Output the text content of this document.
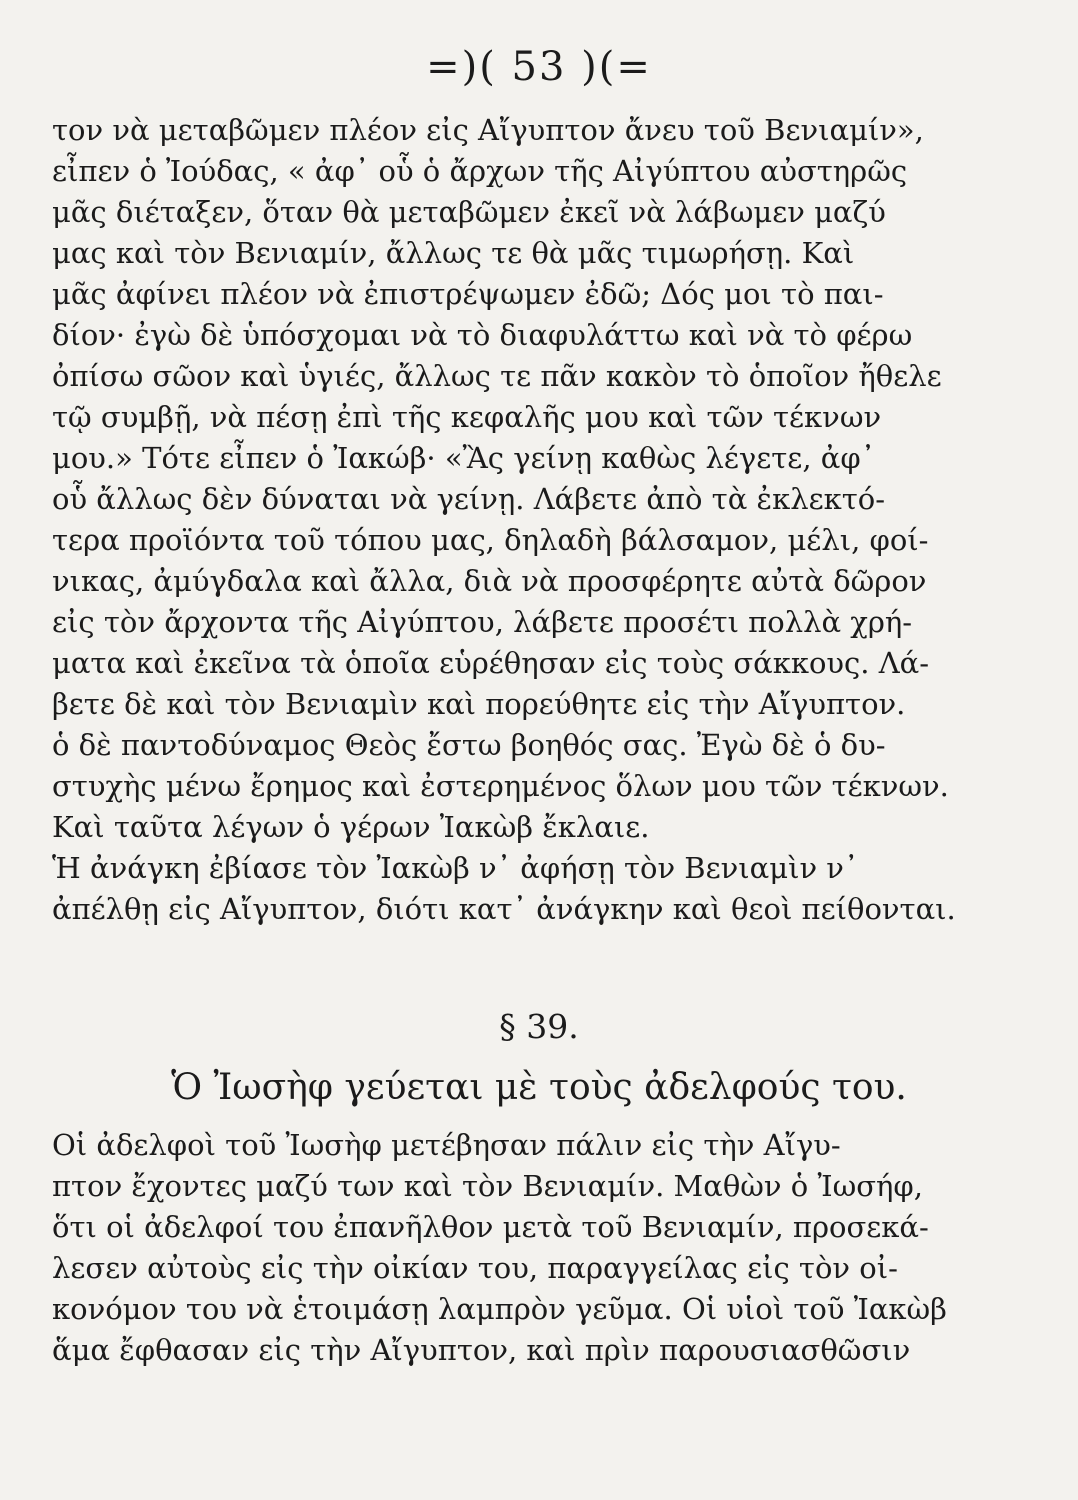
=)( 53 )(=
τον νὰ μεταβῶμεν πλέον εἰς Αἴγυπτον ἄνευ τοῦ Βενιαμίν»,
εἶπεν ὁ Ἰούδας, « ἀφ᾽ οὗ ὁ ἄρχων τῆς Αἰγύπτου αὐστηρῶς
μᾶς διέταξεν, ὅταν θὰ μεταβῶμεν ἐκεῖ νὰ λάβωμεν μαζύ
μας καὶ τὸν Βενιαμίν, ἄλλως τε θὰ μᾶς τιμωρήσῃ. Καὶ
μᾶς ἀφίνει πλέον νὰ ἐπιστρέψωμεν ἐδῶ; Δός μοι τὸ παι-
δίον· ἐγὼ δὲ ὑπόσχομαι νὰ τὸ διαφυλάττω καὶ νὰ τὸ φέρω
ὀπίσω σῶον καὶ ὑγιές, ἄλλως τε πᾶν κακὸν τὸ ὁποῖον ἤθελε
τῷ συμβῇ, νὰ πέσῃ ἐπὶ τῆς κεφαλῆς μου καὶ τῶν τέκνων
μου.» Τότε εἶπεν ὁ Ἰακώβ· «Ἂς γείνῃ καθὼς λέγετε, ἀφ᾽
οὗ ἄλλως δὲν δύναται νὰ γείνῃ. Λάβετε ἀπὸ τὰ ἐκλεκτό-
τερα προϊόντα τοῦ τόπου μας, δηλαδὴ βάλσαμον, μέλι, φοί-
νικας, ἀμύγδαλα καὶ ἄλλα, διὰ νὰ προσφέρητε αὐτὰ δῶρον
εἰς τὸν ἄρχοντα τῆς Αἰγύπτου, λάβετε προσέτι πολλὰ χρή-
ματα καὶ ἐκεῖνα τὰ ὁποῖα εὑρέθησαν εἰς τοὺς σάκκους. Λά-
βετε δὲ καὶ τὸν Βενιαμὶν καὶ πορεύθητε εἰς τὴν Αἴγυπτον.
ὁ δὲ παντοδύναμος Θεὸς ἔστω βοηθός σας. Ἐγὼ δὲ ὁ δυ-
στυχὴς μένω ἔρημος καὶ ἐστερημένος ὅλων μου τῶν τέκνων.
Καὶ ταῦτα λέγων ὁ γέρων Ἰακὼβ ἔκλαιε.
Ἡ ἀνάγκη ἐβίασε τὸν Ἰακὼβ ν᾽ ἀφήσῃ τὸν Βενιαμὶν ν᾽
ἀπέλθῃ εἰς Αἴγυπτον, διότι κατ᾽ ἀνάγκην καὶ θεοὶ πείθονται.
§ 39.
Ὁ Ἰωσὴφ γεύεται μὲ τοὺς ἀδελφούς του.
Οἱ ἀδελφοὶ τοῦ Ἰωσὴφ μετέβησαν πάλιν εἰς τὴν Αἴγυ-
πτον ἔχοντες μαζύ των καὶ τὸν Βενιαμίν. Μαθὼν ὁ Ἰωσήφ,
ὅτι οἱ ἀδελφοί του ἐπανῆλθον μετὰ τοῦ Βενιαμίν, προσεκά-
λεσεν αὐτοὺς εἰς τὴν οἰκίαν του, παραγγείλας εἰς τὸν οἰ-
κονόμον του νὰ ἑτοιμάσῃ λαμπρὸν γεῦμα. Οἱ υἱοὶ τοῦ Ἰακὼβ
ἅμα ἔφθασαν εἰς τὴν Αἴγυπτον, καὶ πρὶν παρουσιασθῶσιν
